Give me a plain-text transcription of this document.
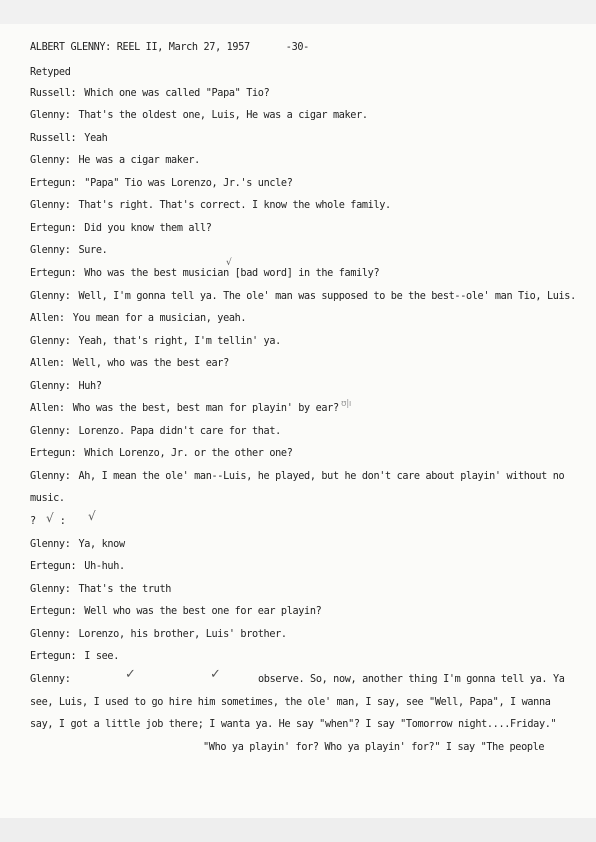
ALBERT GLENNY: REEL II, March 27, 1957	-30-
Retyped
Russell: Which one was called "Papa" Tio?
Glenny: That's the oldest one, Luis, He was a cigar maker.
Russell: Yeah
Glenny: He was a cigar maker.
Ertegun: "Papa" Tio was Lorenzo, Jr.'s uncle?
Glenny: That's right. That's correct. I know the whole family.
Ertegun: Did you know them all?
Glenny: Sure.
Ertegun: Who was the best musician [bad word] in the family?
Glenny: Well, I'm gonna tell ya. The ole' man was supposed to be the best--ole' man Tio, Luis.
Allen: You mean for a musician, yeah.
Glenny: Yeah, that's right, I'm tellin' ya.
Allen: Well, who was the best ear?
Glenny: Huh?
Allen: Who was the best, best man for playin' by ear?
Glenny: Lorenzo. Papa didn't care for that.
Ertegun: Which Lorenzo, Jr. or the other one?
Glenny: Ah, I mean the ole' man--Luis, he played, but he don't care about playin' without no
music.
? :
Glenny: Ya, know
Ertegun: Uh-huh.
Glenny: That's the truth
Ertegun: Well who was the best one for ear playin?
Glenny: Lorenzo, his brother, Luis' brother.
Ertegun: I see.
Glenny:	observe. So, now, another thing I'm gonna tell ya. Ya
see, Luis, I used to go hire him sometimes, the ole' man, I say, see "Well, Papa", I wanna
say, I got a little job there; I wanta ya. He say "when"? I say "Tomorrow night....Friday."
"Who ya playin' for? Who ya playin' for?" I say "The people
√	√
✓	✓
√
ʊ|ı
